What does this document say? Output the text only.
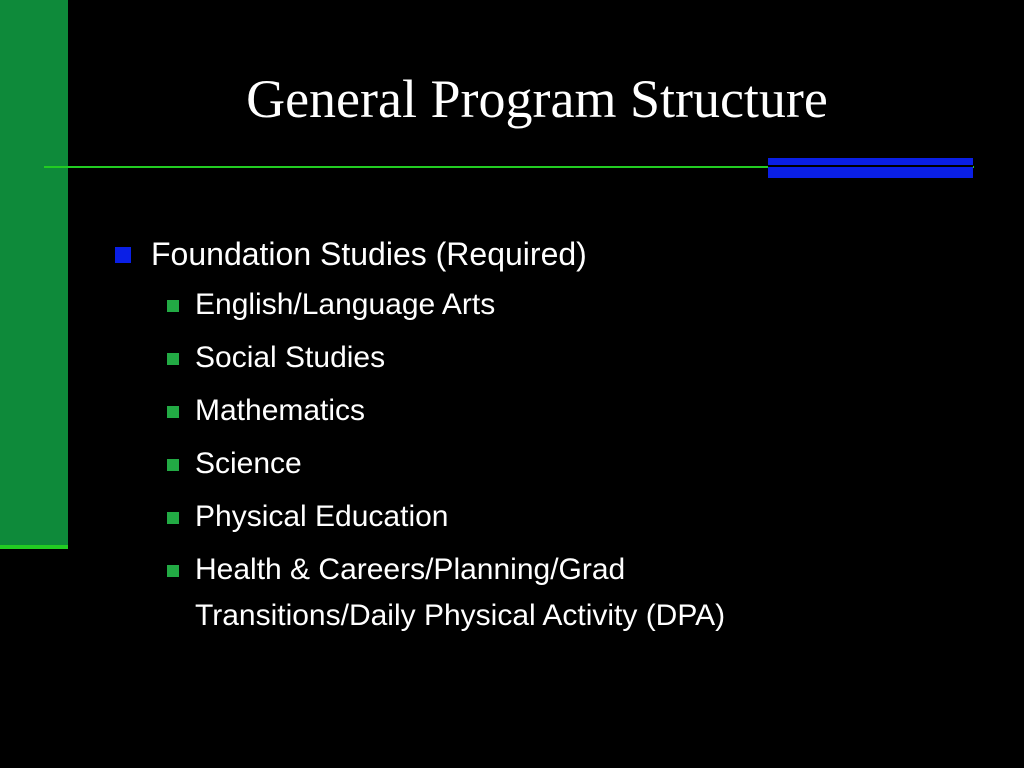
General Program Structure
Foundation Studies (Required)
English/Language Arts
Social Studies
Mathematics
Science
Physical Education
Health & Careers/Planning/Grad
Transitions/Daily Physical Activity (DPA)
